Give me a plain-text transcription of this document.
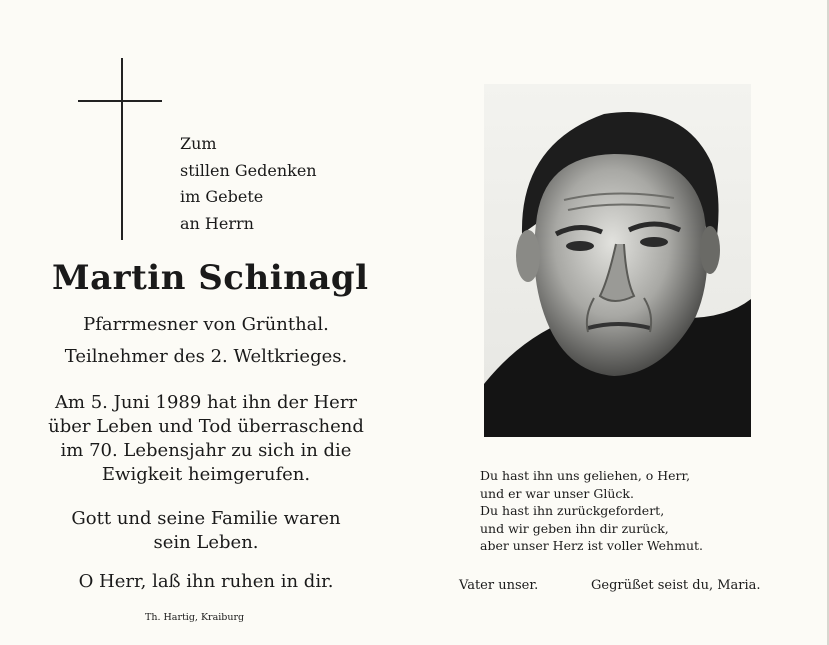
Zum
stillen Gedenken
im Gebete
an Herrn
Martin Schinagl
Pfarrmesner von Grünthal.
Teilnehmer des 2. Weltkrieges.
Am 5. Juni 1989 hat ihn der Herr
über Leben und Tod überraschend
im 70. Lebensjahr zu sich in die
Ewigkeit heimgerufen.
Gott und seine Familie waren
sein Leben.
O Herr, laß ihn ruhen in dir.
Th. Hartig, Kraiburg
Du hast ihn uns geliehen, o Herr,
und er war unser Glück.
Du hast ihn zurückgefordert,
und wir geben ihn dir zurück,
aber unser Herz ist voller Wehmut.
Vater unser.	Gegrüßet seist du, Maria.
